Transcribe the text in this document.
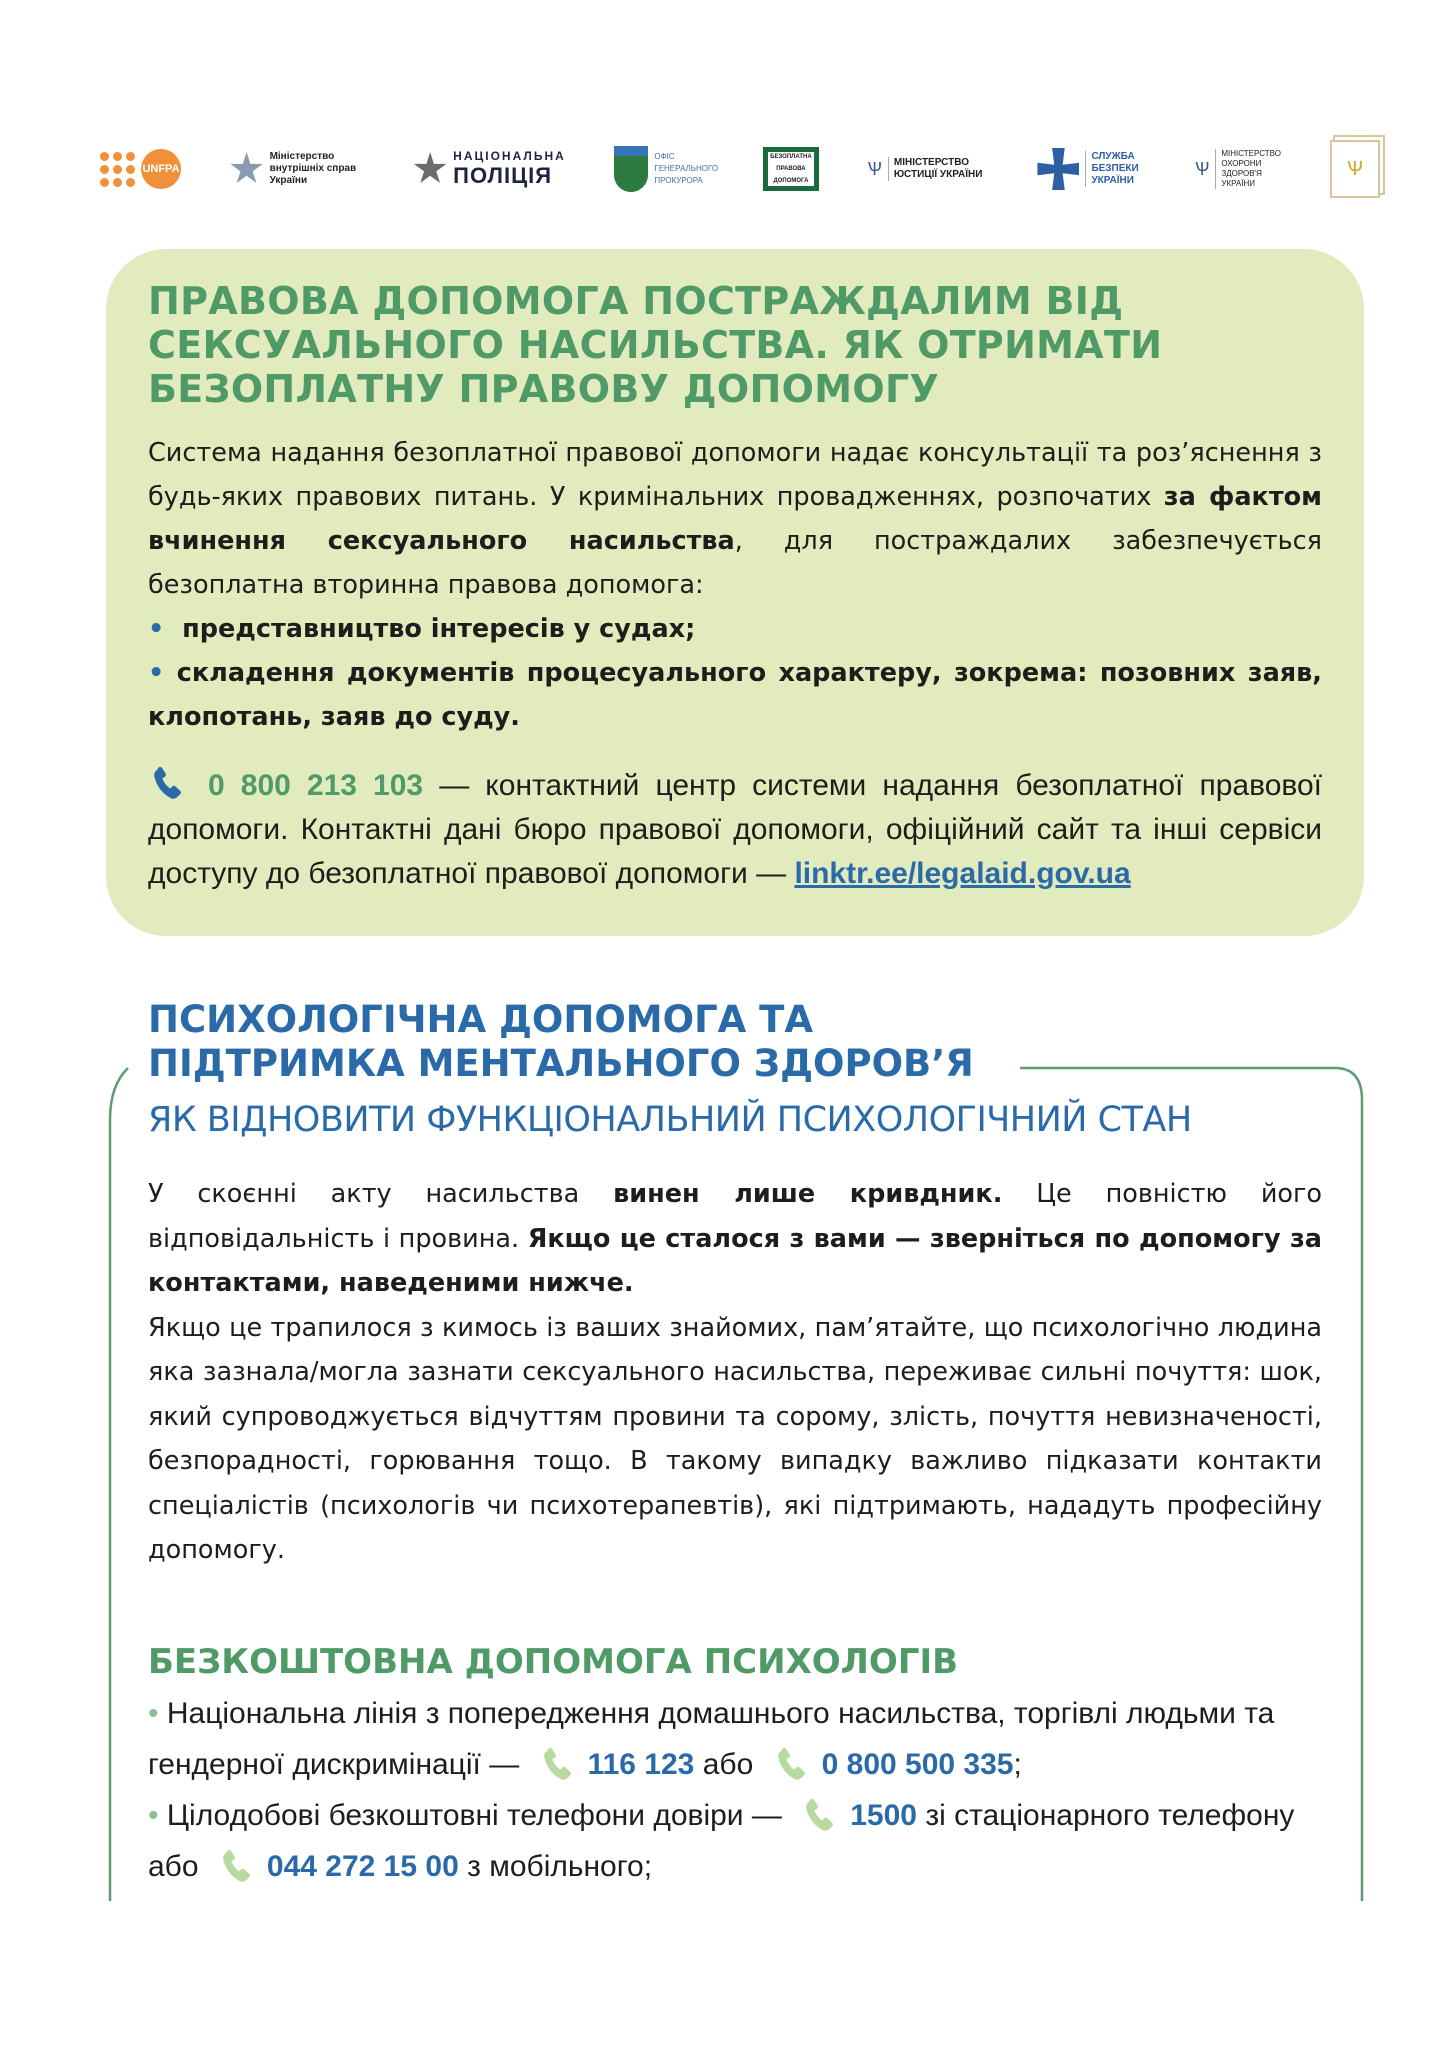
UNFPA
Міністерство внутрішніх справ України
НАЦІОНАЛЬНА
ПОЛІЦІЯ
ОФІС ГЕНЕРАЛЬНОГО ПРОКУРОРА
БЕЗОПЛАТНА ПРАВОВА ДОПОМОГА
Ѱ	МІНІСТЕРСТВО ЮСТИЦІЇ УКРАЇНИ
СЛУЖБА БЕЗПЕКИ УКРАЇНИ
Ѱ
МІНІСТЕРСТВО ОХОРОНИ ЗДОРОВ'Я УКРАЇНИ
Ѱ
ПРАВОВА ДОПОМОГА ПОСТРАЖДАЛИМ ВІД СЕКСУАЛЬНОГО НАСИЛЬСТВА. ЯК ОТРИМАТИ БЕЗОПЛАТНУ ПРАВОВУ ДОПОМОГУ

Система надання безоплатної правової допомоги надає консультації та роз’яснення з будь-яких правових питань. У кримінальних провадженнях, розпочатих за фактом вчинення сексуального насильства, для постраждалих забезпечується безоплатна вторинна правова допомога:

• представництво інтересів у судах;

• складення документів процесуального характеру, зокрема: позовних заяв, клопотань, заяв до суду.

0 800 213 103 — контактний центр системи надання безоплатної правової допомоги. Контактні дані бюро правової допомоги, офіційний сайт та інші сервіси доступу до безоплатної правової допомоги — linktr.ee/legalaid.gov.ua

ПСИХОЛОГІЧНА ДОПОМОГА ТА
ПІДТРИМКА МЕНТАЛЬНОГО ЗДОРОВ’Я
ЯК ВІДНОВИТИ ФУНКЦІОНАЛЬНИЙ ПСИХОЛОГІЧНИЙ СТАН

У скоєнні акту насильства винен лише кривдник. Це повністю його відповідальність і провина. Якщо це сталося з вами — зверніться по допомогу за контактами, наведеними нижче.

Якщо це трапилося з кимось із ваших знайомих, пам’ятайте, що психологічно людина яка зазнала/могла зазнати сексуального насильства, переживає сильні почуття: шок, який супроводжується відчуттям провини та сорому, злість, почуття невизначеності, безпорадності, горювання тощо. В такому випадку важливо підказати контакти спеціалістів (психологів чи психотерапевтів), які підтримають, нададуть професійну допомогу.

БЕЗКОШТОВНА ДОПОМОГА ПСИХОЛОГІВ
• Національна лінія з попередження домашнього насильства, торгівлі людьми та гендерної дискримінації — 116 123 або 0 800 500 335;
• Цілодобові безкоштовні телефони довіри — 1500 зі стаціонарного телефону або 044 272 15 00 з мобільного;
